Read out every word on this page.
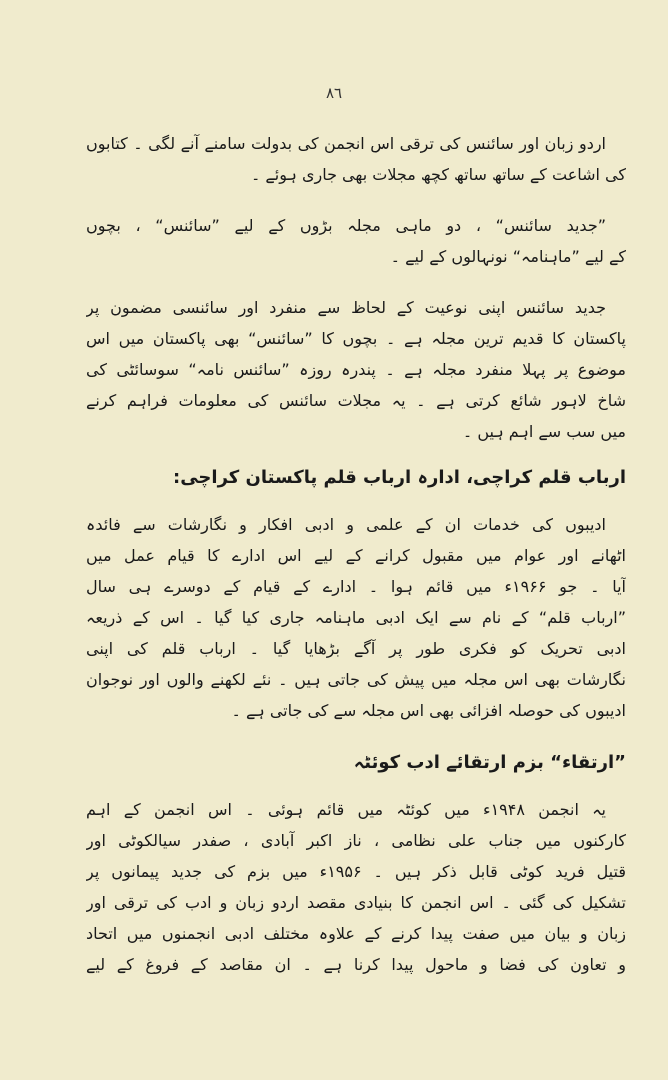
٨٦
اردو زبان اور سائنس کی ترقی اس انجمن کی بدولت سامنے آنے لگی ۔ کتابوں
کی اشاعت کے ساتھ ساتھ کچھ مجلات بھی جاری ہوئے ۔
”جدید سائنس“ ، دو ماہی مجلہ بڑوں کے لیے ”سائنس“ ، بچوں
کے لیے ”ماہنامہ“ نونہالوں کے لیے ۔
جدید سائنس اپنی نوعیت کے لحاظ سے منفرد اور سائنسی مضمون پر
پاکستان کا قدیم ترین مجلہ ہے ۔ بچوں کا ”سائنس“ بھی پاکستان میں اس
موضوع پر پہلا منفرد مجلہ ہے ۔ پندرہ روزہ ”سائنس نامہ“ سوسائٹی کی
شاخ لاہور شائع کرتی ہے ۔ یہ مجلات سائنس کی معلومات فراہم کرنے
میں سب سے اہم ہیں ۔
ارباب قلم کراچی، ادارہ ارباب قلم پاکستان کراچی:
ادیبوں کی خدمات ان کے علمی و ادبی افکار و نگارشات سے فائدہ
اٹھانے اور عوام میں مقبول کرانے کے لیے اس ادارے کا قیام عمل میں
آیا ۔ جو ۱۹۶۶ء میں قائم ہوا ۔ ادارے کے قیام کے دوسرے ہی سال
”ارباب قلم“ کے نام سے ایک ادبی ماہنامہ جاری کیا گیا ۔ اس کے ذریعہ
ادبی تحریک کو فکری طور پر آگے بڑھایا گیا ۔ ارباب قلم کی اپنی
نگارشات بھی اس مجلہ میں پیش کی جاتی ہیں ۔ نئے لکھنے والوں اور نوجوان
ادیبوں کی حوصلہ افزائی بھی اس مجلہ سے کی جاتی ہے ۔
”ارتقاء“ بزم ارتقائے ادب کوئٹہ
یہ انجمن ۱۹۴۸ء میں کوئٹہ میں قائم ہوئی ۔ اس انجمن کے اہم
کارکنوں میں جناب علی نظامی ، ناز اکبر آبادی ، صفدر سیالکوٹی اور
قتیل فرید کوٹی قابل ذکر ہیں ۔ ۱۹۵۶ء میں بزم کی جدید پیمانوں پر
تشکیل کی گئی ۔ اس انجمن کا بنیادی مقصد اردو زبان و ادب کی ترقی اور
زبان و بیان میں صفت پیدا کرنے کے علاوہ مختلف ادبی انجمنوں میں اتحاد
و تعاون کی فضا و ماحول پیدا کرنا ہے ۔ ان مقاصد کے فروغ کے لیے
